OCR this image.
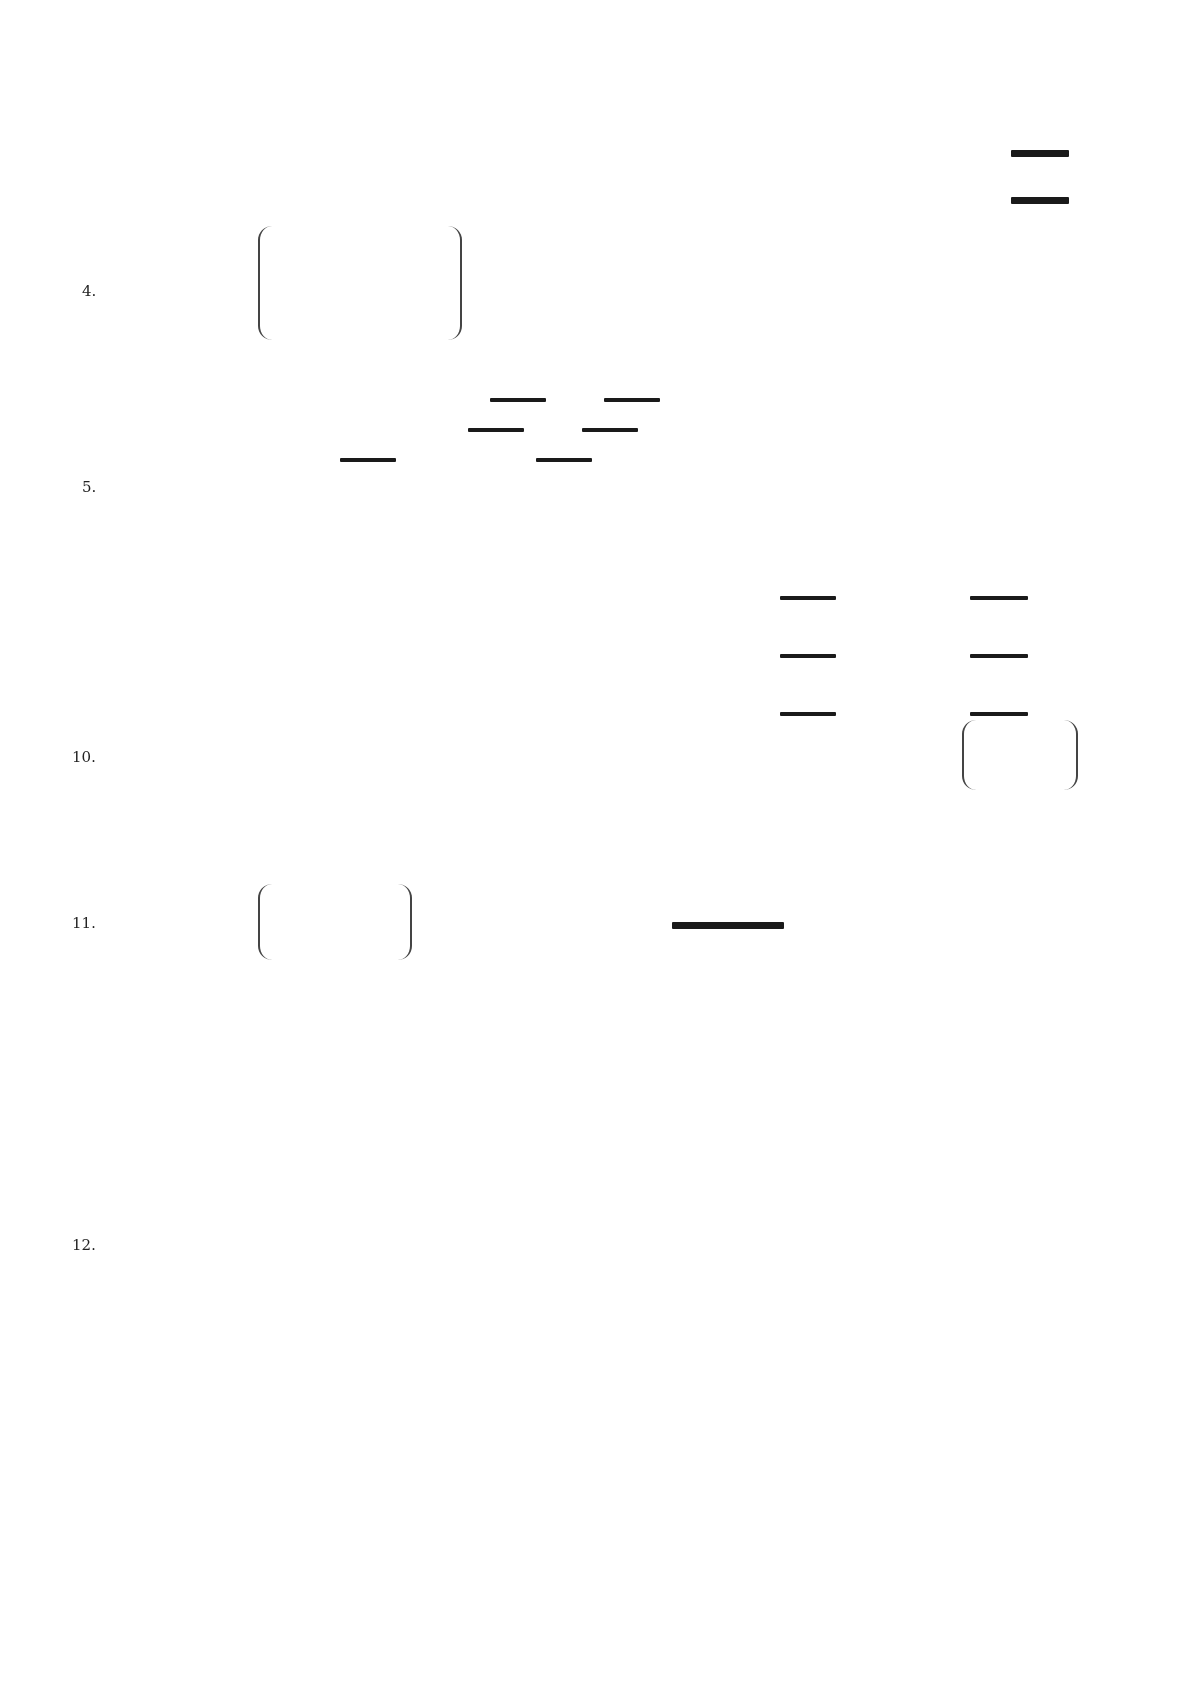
4.
5.
10.
11.
12.
